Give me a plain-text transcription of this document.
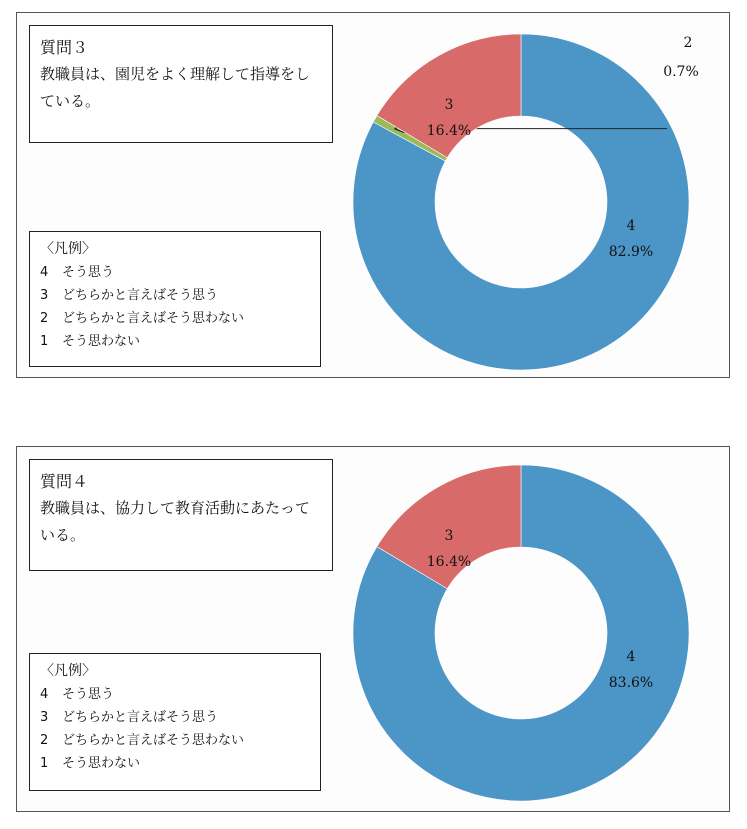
質問３
教職員は、園児をよく理解して指導をし
ている。
〈凡例〉
4 そう思う
3 どちらかと言えばそう思う
2 どちらかと言えばそう思わない
1 そう思わない
4
82.9%
2
0.7%
3
16.4%
質問４
教職員は、協力して教育活動にあたって
いる。
〈凡例〉
4 そう思う
3 どちらかと言えばそう思う
2 どちらかと言えばそう思わない
1 そう思わない
4
83.6%
3
16.4%
